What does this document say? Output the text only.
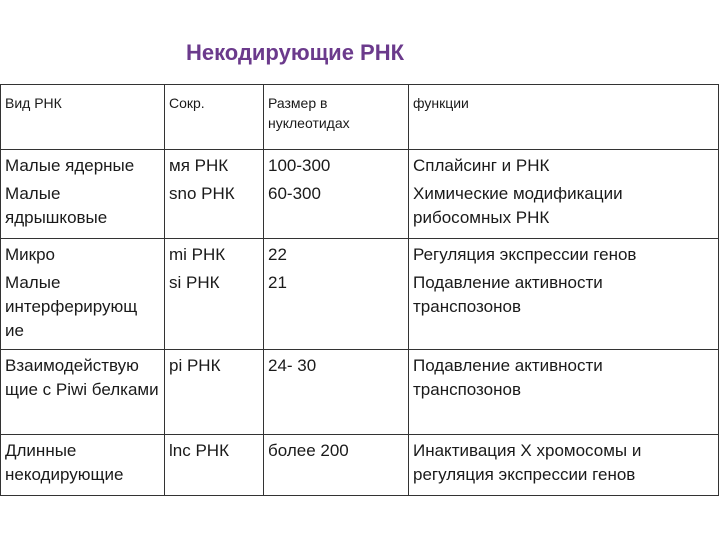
Некодирующие РНК
Вид РНК	Сокр.	Размер в нуклеотидах	функции
Малые ядерные	мя РНК	100-300	Сплайсинг и РНК
Малые ядрышковые	sno РНК	60-300	Химические модификации рибосомных РНК
Микро	mi РНК	22	Регуляция экспрессии генов
Малые интерферирующ ие	si РНК	21	Подавление активности транспозонов
Взаимодействую щие с Piwi белками	pi РНК	24- 30	Подавление активности транспозонов
Длинные некодирующие	lnc РНК	более 200	Инактивация Х хромосомы и регуляция экспрессии генов
